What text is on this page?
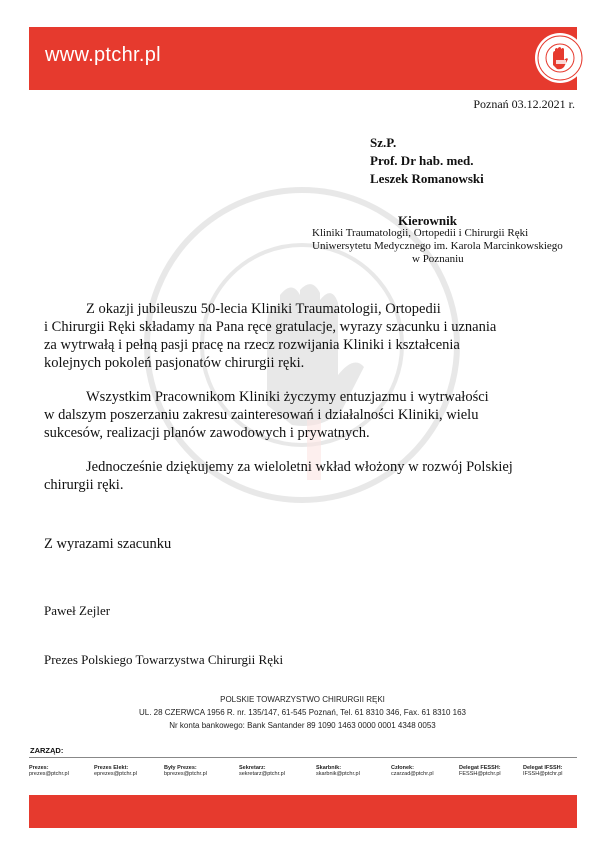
www.ptchr.pl
Poznań 03.12.2021 r.
Sz.P.
Prof. Dr hab. med.
Leszek Romanowski
Kierownik
Kliniki Traumatologii, Ortopedii i Chirurgii Ręki
Uniwersytetu Medycznego im. Karola Marcinkowskiego
w Poznaniu

Z okazji jubileuszu 50-lecia Kliniki Traumatologii, Ortopedii
i Chirurgii Ręki składamy na Pana ręce gratulacje, wyrazy szacunku i uznania
za wytrwałą i pełną pasji pracę na rzecz rozwijania Kliniki i kształcenia
kolejnych pokoleń pasjonatów chirurgii ręki.

Wszystkim Pracownikom Kliniki życzymy entuzjazmu i wytrwałości
w dalszym poszerzaniu zakresu zainteresowań i działalności Kliniki, wielu
sukcesów, realizacji planów zawodowych i prywatnych.

Jednocześnie dziękujemy za wieloletni wkład włożony w rozwój Polskiej
chirurgii ręki.

Z wyrazami szacunku
Paweł Zejler
Prezes Polskiego Towarzystwa Chirurgii Ręki
POLSKIE TOWARZYSTWO CHIRURGII RĘKI
UL. 28 CZERWCA 1956 R. nr. 135/147, 61-545 Poznań, Tel. 61 8310 346, Fax. 61 8310 163
Nr konta bankowego: Bank Santander 89 1090 1463 0000 0001 4348 0053
ZARZĄD:
Prezes:
prezes@ptchr.pl
Prezes Elekt:
eprezes@ptchr.pl
Były Prezes:
bprezes@ptchr.pl
Sekretarz:
sekretarz@ptchr.pl
Skarbnik:
skarbnik@ptchr.pl
Członek:
czarzad@ptchr.pl
Delegat FESSH:
FESSH@ptchr.pl
Delegat IFSSH:
IFSSH@ptchr.pl
